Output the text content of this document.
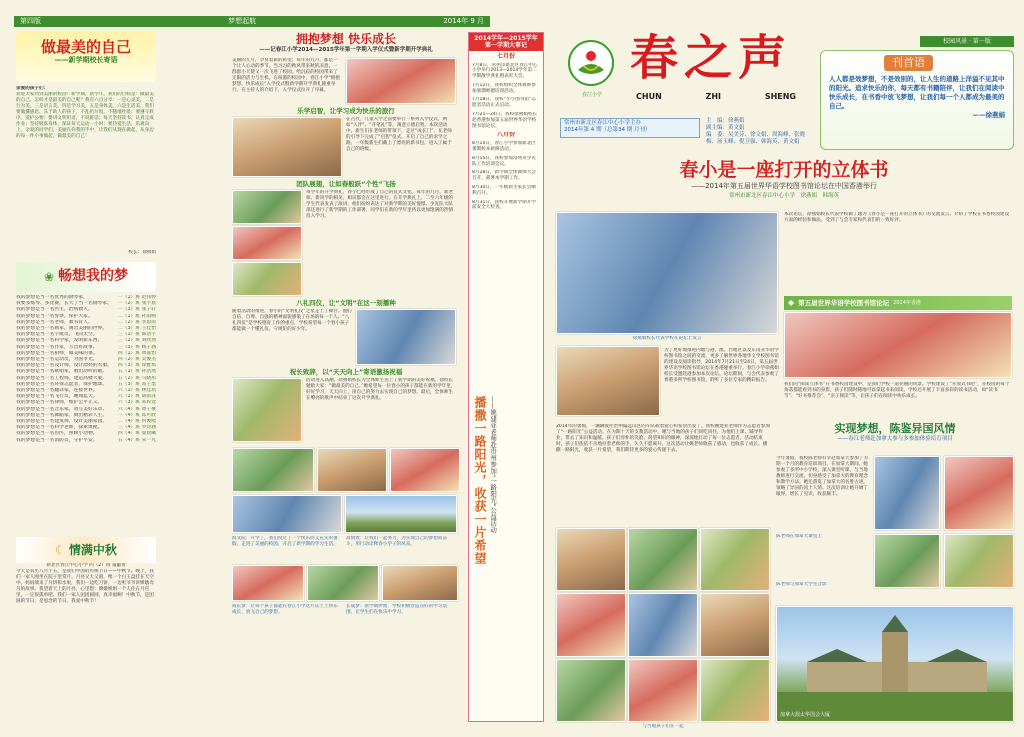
第四版	梦想起航	2014年 9 月
做最美的自己
——新学期校长寄语
亲爱的孩子们：
欢迎大家回到美丽的校园！新学期、新学年，我们的目标是：做最美的自己。怎样才是最美的自己呢？我有六点分享：一是心灵美，二是行为美，三是语言美，四是学习美，五是身体美，六是生活美。我们要做懂感恩、乐于助人的孩子，不乱扔垃圾、不随地吐痰；要遵守秩序、爱护公物；要讲文明用语，不说脏话；每天坚持读书、认真完成作业；坚持锻炼身体，保证每天运动一小时；要热爱生活、乐观向上。亲爱的同学们，美丽在你我的手中，让我们从现在做起，从身边的每一件小事做起，做最美的自己！
校长：徐燕娟
❀ 畅想我的梦
我的梦想是当一名优秀的钢琴家，	一（1）班 赵伟婷
我要多练琴、多比赛，长大了当一名钢琴家。 一（2）班 张宇晨
我的梦想是当一名医生，治病救人。	一（3）班 张子轩
我的梦想是当一名警察，保护大家。	二（1）班 孙雨晴
我的梦想是当一名老师，教书育人。	二（2）班 李思雨
我的梦想是当一名画家，画出美丽的世界。 二（3）班 王佳怡
我的梦想是当一名宇航员，飞向太空。	三（1）班 陈浩宇
我的梦想是当一名科学家，发明新东西。	三（2）班 刘欣然
我的梦想是当一名作家，写出好故事。	三（3）班 杨子涵
我的梦想是当一名厨师，做美味的菜。	四（1）班 周嘉怡
我的梦想是当一名运动员，为国争光。	四（2）班 吴俊杰
我的梦想是当一名设计师，设计漂亮的衣服。 四（3）班 徐雅琪
我的梦想是当一名歌唱家，唱出动听的歌。 五（1）班 孙浩然
我的梦想是当一名工程师，建造高楼大厦。 五（2）班 马晓彤
我的梦想是当一名环保志愿者，保护地球。 五（3）班 高子墨
我的梦想是当一名翻译家，连接世界。	六（1）班 林佳琪
我的梦想是当一名飞行员，翱翔蓝天。	六（2）班 胡雨泽
我的梦想是当一名律师，维护公平正义。	六（3）班 朱梓萱
我的梦想是当一名音乐家，谱写美好乐章。 六（4）班 黄子豪
我的梦想是当一名舞蹈家，舞出精彩人生。 一（4）班 郑可欣
我的梦想是当一名建筑师，设计美丽家园。 二（4）班 何俊熙
我的梦想是当一名科学老师，探索奥秘。	三（4）班 罗诗涵
我的梦想是当一名兽医，照顾小动物。	四（4）班 梁晨曦
我的梦想是当一名消防员，守护平安。	五（4）班 宋一凡
☾ 情满中秋
新北区春江中心小学 四（2）班 董蕙菁
今天是农历八月十五，是我们中国的传统节日——中秋节。晚上，我们一家人围坐在院子里赏月。月亮又大又圆，像一个白玉盘挂在天空中。妈妈端来了月饼和水果，我们一边吃月饼，一边听爷爷讲嫦娥奔月的故事。我望着天上的月亮，心里想：嫦娥姐姐一个人住在月宫里，一定很孤单吧。我们一家人团团圆圆，真幸福啊！中秋节，是团圆的节日，是思念的节日，我爱中秋节！
拥抱梦想 快乐成长
——记春江小学2014—2015学年第一学期入学仪式暨新学期开学典礼
美丽的九月，孕育着新的希望；每年的九月，都是一个让人心动的季节。当习习的秋风带来秋的凉意，一群群小天使又一次飞进了校园。给沉寂的校园带来了无限的活力与生机。在喧嚣的校园中，春江小学“拥抱梦想、快乐成长”入学仪式暨新学期开学典礼隆重举行。在主持人的介绍下，入学仪式拉开了序幕。
乐学启智，让学习成为快乐的旅行
在古代，儿童入学之前要举行一系列入学仪式，例如“入泮”、“开笔礼”等，寓意立德启智。本次活动中，新生们在老师的带领下，走过“成长门”，在老师的引导下完成了“启智”仪式，开启了自己的求学之路。一年级新生们戴上了漂亮的新书包，进入了属于自己的班级。
团队展翅，让如春般跃“个性”飞扬
每学年的开学典礼，春小已经形成了自己的仪式文化。每年的九月，新老师、新同学的相见、相识都会在这里进行。在开学典礼上，二至六年级的学生代表发表了演讲，他们纷纷表达了对新学期的美好憧憬。少先队大队部还进行了新学期的工作部署，同学们在新的学年里将以更加饱满的热情投入学习。
八礼四仪，让“文明”在这一刻播种
随着活动的推进，春小的“文明礼仪”之星走上了舞台。他们自信、自尊、自强的精神面貌感染了在场的每一个人。“八礼四仪”是学校德育工作的重点，学校希望每一个春小孩子都能做一个懂礼仪、守规矩的好少年。
祝长致辞，以“天天向上”寄语激扬祝福
活动进入高潮，徐燕娟校长为全体师生送上了新学期的美好祝福。徐校长勉励大家：“做最美的自己。”她希望每一位春小的孩子都能在新的学年里，好好学习，天天向上，用自己的努力去实现自己的梦想。最后，全体师生在嘹亮的歌声中结束了这次开学典礼。
海文院：开学了，我们度过了一个快乐而又充实的暑假，走进了美丽的校园，开启了新学期的学习生活。
高情致：让我们一起努力，为实现自己的梦想而奋斗，用行动诠释春小学子的风采。
成长梦：让每个孩子都能在春江小学这片沃土上快乐成长，放飞自己的梦想。
长成梦：新学期伊始，学校积极营造良好的学习氛围，让学生们在快乐中学习。
2014学年—2015学年
第一学期大事记
七月份
7月8日，常州市新北区春江中心小学举行2013—2014学年第二学期散学典礼暨表彰大会。
7月12日，我校组织全体教师参加暑期师德培训活动。
7月18日，我校“小小图书馆”志愿者活动正式启动。
7月21—24日，我校徐燕娟校长赴香港参加第五届世界华语学校图书馆论坛。
八月份
8月10日，春江小学参加新北区暑期校本研修活动。
8月15日，我校参加常州市少先队工作培训会议。
8月28日，新学期全体教师大会召开，部署本学期工作。
8月30日，一年级新生家长会顺利召开。
8月31日，我校开展新学期开学前安全大检查。
播撒一路阳光，收获一片希望 ——姚建亚老师赴贵州参加“一路阳光”公益活动
校园风景 · 第一版
春江小学
春之声
CHUN	ZHI	SHENG
刊首语
人人都是效梦想，不是效别的，让人生的道路上洋溢不见其中的阳光。追求快乐的你，每天都有书籍陪伴，让我们在阅读中快乐成长，在书香中放飞梦想，让我们每一个人都成为最美的自己。
——徐燕娟
常州市新北区春江中心小学主办
2014年第 4 期（总第34 期 月刊）
主　编：徐燕娟
副主编：黄文娟
编　委：吴美芬、徐文娟、周海峰、张晓梅、汤玉峰、倪卫强、韩海英、黄文娟
春小是一座打开的立体书
——2014年第五届世界华语学校图书馆论坛在中国香港举行
常州市新北区春江中心小学　徐燕娟　韩海英
徐燕娟校长代表学校在论坛上发言
本次论坛，徐燕娟校长代表学校做了题为《春小是一座打开的立体书》的交流发言，介绍了学校在书香校园建设方面的经验和做法，受到了与会专家和代表们的一致好评。
◆ 第五届世界华语学校图书馆论坛 2014年香港
为了更好地推进内地与港、澳、台地区以及东南亚华语学校图书馆之间的交流，更多了解世界各地华文学校图书馆的建设及阅读指导，2014年7月21日至24日，第五届世界华语学校图书馆论坛在香港隆重举行。春江小学徐燕娟校长受邀赴港参加本次论坛。论坛期间，与会代表参观了香港多所学校图书馆，聆听了多位专家的精彩报告。
我们的“阅读立体书”在书香校园建设中，是我们学校一道亮丽的风景。学校建设了“开放式书吧”，在校园的每个角落都能看到书的身影，孩子们随时随地可以拿起书来阅读。学校还开展了丰富多彩的读书活动，如“读书节”、“好书推荐会”、“亲子阅读”等，让孩子们在阅读中快乐成长。
2014年的暑假，一辆辆驶往贵州偏远山区的车队载着爱心和希望出发了。我校姚建亚老师作为志愿者参加了“一路阳光”公益活动。在为期十天的支教活动中，她与当地的孩子们同吃同住，为他们上课、辅导作业，带去了知识和温暖。孩子们淳朴的笑脸、渴望知识的眼神，深深地打动了每一位志愿者。活动结束时，孩子们依依不舍地拉着老师的手，久久不愿离开。这次活动让姚老师收获了感动，也收获了成长。播撒一路阳光，收获一片希望，我们期待更多的爱心传递下去。
与当地孩子们在一起
实现梦想，陈鉴异国风情
——春江老师赴加拿大参与多参加体验培育项目
今年暑假，我校陈老师有幸赴加拿大参加了为期一个月的教育培训项目。在加拿大期间，她参观了多所中小学校，深入课堂听课，与当地教师进行交流，切身感受了加拿大的教育理念和教学方法。她还游览了加拿大的名胜古迹，领略了异国的风土人情。这次培训让她开阔了眼界，增长了见识，收获颇丰。
陈老师在加拿大课堂上
陈老师与加拿大学生合影
加拿大渥太华国会大厦
